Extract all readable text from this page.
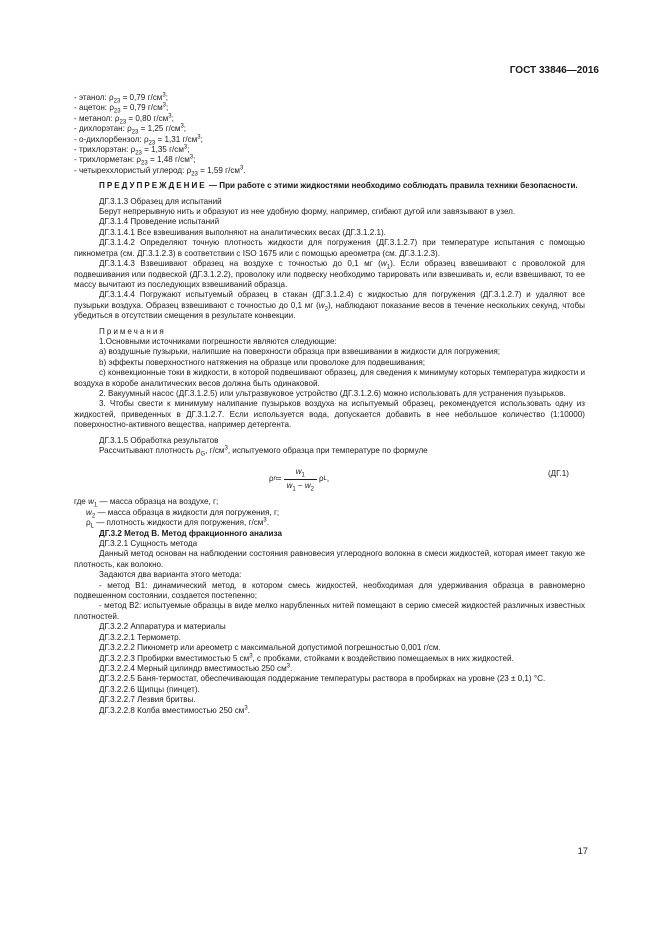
ГОСТ 33846—2016

- этанол: $\rho_{23} = 0,79$ $г/см^3$;

- ацетон: $\rho_{23} = 0,79$ $г/см^3$;

- метанол: $\rho_{23} = 0,80$ $г/см^3$;

- дихлорэтан: $\rho_{23} = 1,25$ $г/см^3$;

- о-дихлорбензол: $\rho_{23} = 1,31$ $г/см^3$;

- трихлорэтан: $\rho_{23} = 1,35$ $г/см^3$;

- трихлорметан: $\rho_{23} = 1,48$ $г/см^3$;

- четыреххлористый углерод: $\rho_{23} = 1,59$ $г/см^3$.

ПРЕДУПРЕЖДЕНИЕ — При работе с этими жидкостями необходимо соблюдать правила техники безопасности.

ДГ.3.1.3 Образец для испытаний

Берут непрерывную нить и образуют из нее удобную форму, например, сгибают дугой или завязывают в узел.

ДГ.3.1.4 Проведение испытаний

ДГ.3.1.4.1 Все взвешивания выполняют на аналитических весах (ДГ.3.1.2.1).

ДГ.3.1.4.2 Определяют точную плотность жидкости для погружения (ДГ.3.1.2.7) при температуре испытания с помощью пикнометра (см. ДГ.3.1.2.3) в соответствии с ISO 1675 или с помощью ареометра (см. ДГ.3.1.2.3).

ДГ.3.1.4.3 Взвешивают образец на воздухе с точностью до 0,1 мг $(w_1)$. Если образец взвешивают с проволокой для подвешивания или подвеской (ДГ.3.1.2.2), проволоку или подвеску необходимо тарировать или взвешивать и, если взвешивают, то ее массу вычитают из последующих взвешиваний образца.

ДГ.3.1.4.4 Погружают испытуемый образец в стакан (ДГ.3.1.2.4) с жидкостью для погружения (ДГ.3.1.2.7) и удаляют все пузырьки воздуха. Образец взвешивают с точностью до 0,1 мг $(w_2)$, наблюдают показание весов в течение нескольких секунд, чтобы убедиться в отсутствии смещения в результате конвекции.

Примечания

1.Основными источниками погрешности являются следующие:

а) воздушные пузырьки, налипшие на поверхности образца при взвешивании в жидкости для погружения;

b) эффекты поверхностного натяжения на образце или проволоке для подвешивания;

с) конвекционные токи в жидкости, в которой подвешивают образец, для сведения к минимуму которых температура жидкости и воздуха в коробе аналитических весов должна быть одинаковой.

2. Вакуумный насос (ДГ.3.1.2.5) или ультразвуковое устройство (ДГ.3.1.2.6) можно использовать для устранения пузырьков.

3. Чтобы свести к минимуму налипание пузырьков воздуха на испытуемый образец, рекомендуется использовать одну из жидкостей, приведенных в ДГ.3.1.2.7. Если используется вода, допускается добавить в нее небольшое количество (1:10000) поверхностно-активного вещества, например детергента.

ДГ.3.1.5 Обработка результатов

Рассчитывают плотность $\rho_G$, $г/см^3$, испытуемого образца при температуре по формуле

ρ $n = \frac{w_1}{w_1 - w_2}$ ρ L ,
(ДГ.1)

где $w_1$ — масса образца на воздухе, г;

$w_2$ — масса образца в жидкости для погружения, г;

$\rho_L$ — плотность жидкости для погружения, $г/см^3$.

ДГ.3.2 Метод В. Метод фракционного анализа

ДГ.3.2.1 Сущность метода

Данный метод основан на наблюдении состояния равновесия углеродного волокна в смеси жидкостей, которая имеет такую же плотность, как волокно.

Задаются два варианта этого метода:

- метод В1: динамический метод, в котором смесь жидкостей, необходимая для удерживания образца в равномерно подвешенном состоянии, создается постепенно;

- метод В2: испытуемые образцы в виде мелко нарубленных нитей помещают в серию смесей жидкостей различных известных плотностей.

ДГ.3.2.2 Аппаратура и материалы

ДГ.3.2.2.1 Термометр.

ДГ.3.2.2.2 Пикнометр или ареометр с максимальной допустимой погрешностью 0,001 г/см.

ДГ.3.2.2.3 Пробирки вместимостью 5 $см^3$, с пробками, стойками к воздействию помещаемых в них жидкостей.

ДГ.3.2.2.4 Мерный цилиндр вместимостью 250 $см^3$.

ДГ.3.2.2.5 Баня-термостат, обеспечивающая поддержание температуры раствора в пробирках на уровне (23 ± 0,1) °С.

ДГ.3.2.2.6 Щипцы (пинцет).

ДГ.3.2.2.7 Лезвия бритвы.

ДГ.3.2.2.8 Колба вместимостью 250 $см^3$.

17
